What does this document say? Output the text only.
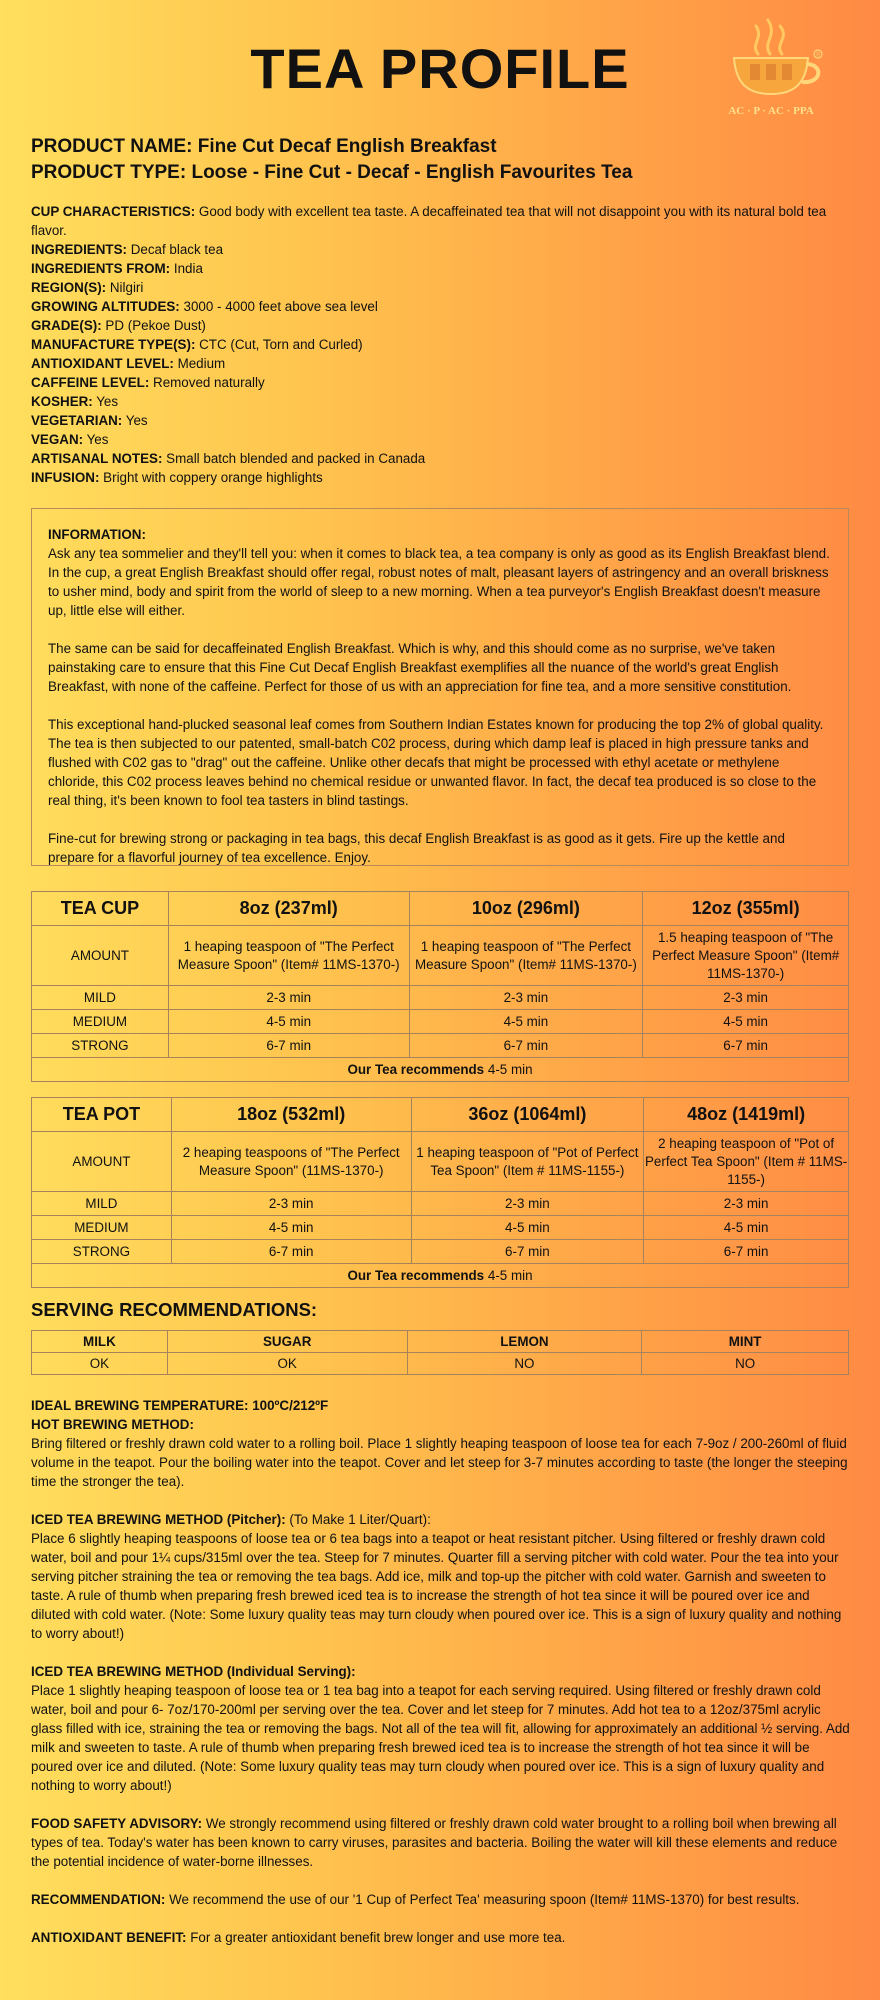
TEA PROFILE	®
AC · P · AC · PPA
PRODUCT NAME: Fine Cut Decaf English Breakfast
PRODUCT TYPE: Loose - Fine Cut - Decaf - English Favourites Tea
CUP CHARACTERISTICS: Good body with excellent tea taste. A decaffeinated tea that will not disappoint you with its natural bold tea flavor.
INGREDIENTS: Decaf black tea
INGREDIENTS FROM: India
REGION(S): Nilgiri
GROWING ALTITUDES: 3000 - 4000 feet above sea level
GRADE(S): PD (Pekoe Dust)
MANUFACTURE TYPE(S): CTC (Cut, Torn and Curled)
ANTIOXIDANT LEVEL: Medium
CAFFEINE LEVEL: Removed naturally
KOSHER: Yes
VEGETARIAN: Yes
VEGAN: Yes
ARTISANAL NOTES: Small batch blended and packed in Canada
INFUSION: Bright with coppery orange highlights
INFORMATION:

Ask any tea sommelier and they'll tell you: when it comes to black tea, a tea company is only as good as its English Breakfast blend. In the cup, a great English Breakfast should offer regal, robust notes of malt, pleasant layers of astringency and an overall briskness to usher mind, body and spirit from the world of sleep to a new morning. When a tea purveyor's English Breakfast doesn't measure up, little else will either.

The same can be said for decaffeinated English Breakfast. Which is why, and this should come as no surprise, we've taken painstaking care to ensure that this Fine Cut Decaf English Breakfast exemplifies all the nuance of the world's great English Breakfast, with none of the caffeine. Perfect for those of us with an appreciation for fine tea, and a more sensitive constitution.

This exceptional hand-plucked seasonal leaf comes from Southern Indian Estates known for producing the top 2% of global quality. The tea is then subjected to our patented, small-batch C02 process, during which damp leaf is placed in high pressure tanks and flushed with C02 gas to "drag" out the caffeine. Unlike other decafs that might be processed with ethyl acetate or methylene chloride, this C02 process leaves behind no chemical residue or unwanted flavor. In fact, the decaf tea produced is so close to the real thing, it's been known to fool tea tasters in blind tastings.

Fine-cut for brewing strong or packaging in tea bags, this decaf English Breakfast is as good as it gets. Fire up the kettle and prepare for a flavorful journey of tea excellence. Enjoy.

TEA CUP	8oz (237ml)	10oz (296ml)	12oz (355ml)
AMOUNT	1 heaping teaspoon of "The Perfect Measure Spoon" (Item# 11MS-1370-)	1 heaping teaspoon of "The Perfect Measure Spoon" (Item# 11MS-1370-)	1.5 heaping teaspoon of "The Perfect Measure Spoon" (Item# 11MS-1370-)
MILD	2-3 min	2-3 min	2-3 min
MEDIUM	4-5 min	4-5 min	4-5 min
STRONG	6-7 min	6-7 min	6-7 min
Our Tea recommends 4-5 min			
TEA POT	18oz (532ml)	36oz (1064ml)	48oz (1419ml)
AMOUNT	2 heaping teaspoons of "The Perfect Measure Spoon" (11MS-1370-)	1 heaping teaspoon of "Pot of Perfect Tea Spoon" (Item # 11MS-1155-)	2 heaping teaspoon of "Pot of Perfect Tea Spoon" (Item # 11MS-1155-)
MILD	2-3 min	2-3 min	2-3 min
MEDIUM	4-5 min	4-5 min	4-5 min
STRONG	6-7 min	6-7 min	6-7 min
Our Tea recommends 4-5 min			
SERVING RECOMMENDATIONS:
MILK	SUGAR	LEMON	MINT
OK	OK	NO	NO
IDEAL BREWING TEMPERATURE: 100ºC/212ºF
HOT BREWING METHOD:

Bring filtered or freshly drawn cold water to a rolling boil. Place 1 slightly heaping teaspoon of loose tea for each 7-9oz / 200-260ml of fluid volume in the teapot. Pour the boiling water into the teapot. Cover and let steep for 3-7 minutes according to taste (the longer the steeping time the stronger the tea).

ICED TEA BREWING METHOD (Pitcher): (To Make 1 Liter/Quart):

Place 6 slightly heaping teaspoons of loose tea or 6 tea bags into a teapot or heat resistant pitcher. Using filtered or freshly drawn cold water, boil and pour 1¼ cups/315ml over the tea. Steep for 7 minutes. Quarter fill a serving pitcher with cold water. Pour the tea into your serving pitcher straining the tea or removing the tea bags. Add ice, milk and top-up the pitcher with cold water. Garnish and sweeten to taste. A rule of thumb when preparing fresh brewed iced tea is to increase the strength of hot tea since it will be poured over ice and diluted with cold water. (Note: Some luxury quality teas may turn cloudy when poured over ice. This is a sign of luxury quality and nothing to worry about!)

ICED TEA BREWING METHOD (Individual Serving):

Place 1 slightly heaping teaspoon of loose tea or 1 tea bag into a teapot for each serving required. Using filtered or freshly drawn cold water, boil and pour 6- 7oz/170-200ml per serving over the tea. Cover and let steep for 7 minutes. Add hot tea to a 12oz/375ml acrylic glass filled with ice, straining the tea or removing the bags. Not all of the tea will fit, allowing for approximately an additional ½ serving. Add milk and sweeten to taste. A rule of thumb when preparing fresh brewed iced tea is to increase the strength of hot tea since it will be poured over ice and diluted. (Note: Some luxury quality teas may turn cloudy when poured over ice. This is a sign of luxury quality and nothing to worry about!)

FOOD SAFETY ADVISORY: We strongly recommend using filtered or freshly drawn cold water brought to a rolling boil when brewing all types of tea. Today's water has been known to carry viruses, parasites and bacteria. Boiling the water will kill these elements and reduce the potential incidence of water-borne illnesses.

RECOMMENDATION: We recommend the use of our '1 Cup of Perfect Tea' measuring spoon (Item# 11MS-1370) for best results.

ANTIOXIDANT BENEFIT: For a greater antioxidant benefit brew longer and use more tea.
